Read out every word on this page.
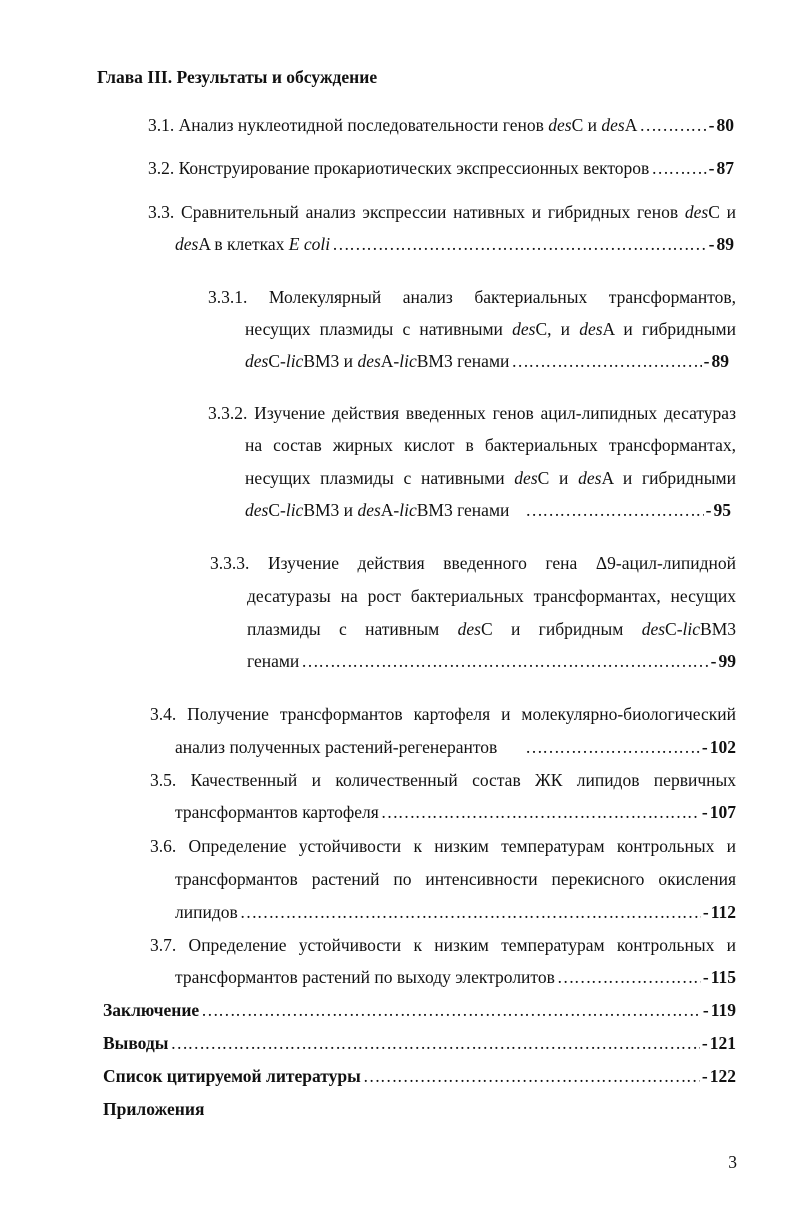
Глава III. Результаты и обсуждение
3.1. Анализ нуклеотидной последовательности генов desC и desA ……………………………………………………………………………………………………………………………………………………………………………………………………………	- 80
3.2. Конструирование прокариотических экспрессионных векторов ……………………………………………………………………………………………………………………………………………………………………………………………………………	- 87
3.3. Сравнительный анализ экспрессии нативных и гибридных генов desC и
desA в клетках E coli ……………………………………………………………………………………………………………………………………………………………………………………………………………	- 89
3.3.1. Молекулярный анализ бактериальных трансформантов,
несущих плазмиды с нативными desC, и desA и гибридными
desC-licBM3 и desA-licBM3 генами ……………………………………………………………………………………………………………………………………………………………………………………………………………	- 89
3.3.2. Изучение действия введенных генов ацил-липидных десатураз
на состав жирных кислот в бактериальных трансформантах,
несущих плазмиды с нативными desC и desA и гибридными
desC-licBM3 и desA-licBM3 генами ……………………………………………………………………………………………………………………………………………………………………………………………………………	- 95
3.3.3. Изучение действия введенного гена Δ9-ацил-липидной
десатуразы на рост бактериальных трансформантах, несущих
плазмиды с нативным desC и гибридным desC-licBM3
генами ……………………………………………………………………………………………………………………………………………………………………………………………………………	- 99
3.4. Получение трансформантов картофеля и молекулярно-биологический
анализ полученных растений-регенерантов ……………………………………………………………………………………………………………………………………………………………………………………………………………	- 102
3.5. Качественный и количественный состав ЖК липидов первичных
трансформантов картофеля ……………………………………………………………………………………………………………………………………………………………………………………………………………	- 107
3.6. Определение устойчивости к низким температурам контрольных и
трансформантов растений по интенсивности перекисного окисления
липидов ……………………………………………………………………………………………………………………………………………………………………………………………………………	- 112
3.7. Определение устойчивости к низким температурам контрольных и
трансформантов растений по выходу электролитов ……………………………………………………………………………………………………………………………………………………………………………………………………………	- 115
Заключение ……………………………………………………………………………………………………………………………………………………………………………………………………………	- 119
Выводы ……………………………………………………………………………………………………………………………………………………………………………………………………………	- 121
Список цитируемой литературы ……………………………………………………………………………………………………………………………………………………………………………………………………………	- 122
Приложения
3
